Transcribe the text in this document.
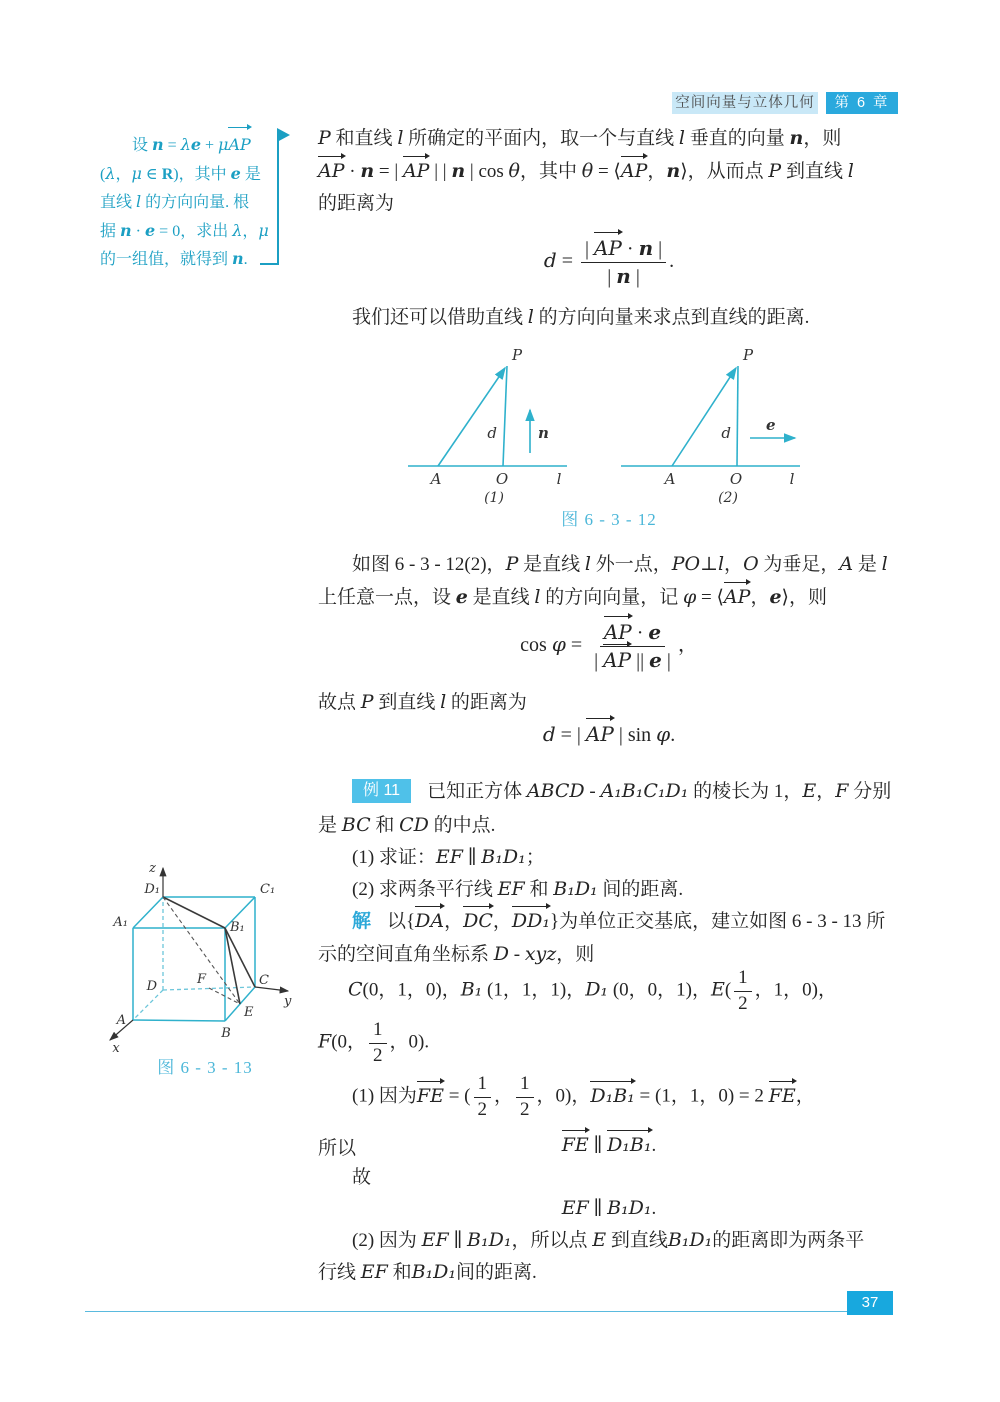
空间向量与立体几何	第 6 章
设 n = λe + μAP
(λ，μ ∈ R)，其中 e 是
直线 l 的方向向量. 根
据 n · e = 0，求出 λ，μ
的一组值，就得到 n.
P 和直线 l 所确定的平面内，取一个与直线 l 垂直的向量 n，则
AP · n = | AP | | n | cos θ，其中 θ = ⟨AP，n⟩，从而点 P 到直线 l
的距离为
$d = \frac{| AP \cdot n |}{| n |}$ .
我们还可以借助直线 l 的方向向量来求点到直线的距离.
P
d	n
A	O	l
(1)
P
d e
A	O	l
(2)
图 6 - 3 - 12
如图 6 - 3 - 12(2)，P 是直线 l 外一点，PO⊥l，O 为垂足，A 是 l
上任意一点，设 e 是直线 l 的方向向量，记 φ = ⟨AP，e⟩，则
$\cos \varphi = \frac{AP \cdot e}{| AP || e |}$ ，
故点 P 到直线 l 的距离为
d = | AP | sin φ.
例 11 已知正方体 ABCD - A₁B₁C₁D₁ 的棱长为 1，E，F 分别
是 BC 和 CD 的中点.
(1) 求证：EF ∥ B₁D₁；
(2) 求两条平行线 EF 和 B₁D₁ 间的距离.
解 以{DA，DC，DD₁}为单位正交基底，建立如图 6 - 3 - 13 所
示的空间直角坐标系 D - xyz，则
C(0，1，0)，B₁ (1，1，1)，D₁ (0，0，1)，$E( \frac{1}{2}$ ，1，0)，
F(0， $\frac{1}{2}$ ，0).
(1) 因为FE = ( $\frac{1}{2}$ ， $\frac{1}{2}$ ，0)，D₁B₁ = (1，1，0) = 2 FE，
所以	FE ∥ D₁B₁.
故
EF ∥ B₁D₁.
(2) 因为 EF ∥ B₁D₁，所以点 E 到直线B₁D₁的距离即为两条平
行线 EF 和B₁D₁间的距离.
z
D₁	C₁
A₁	B₁
D	F	C
y
A
B
E
x
图 6 - 3 - 13
37
